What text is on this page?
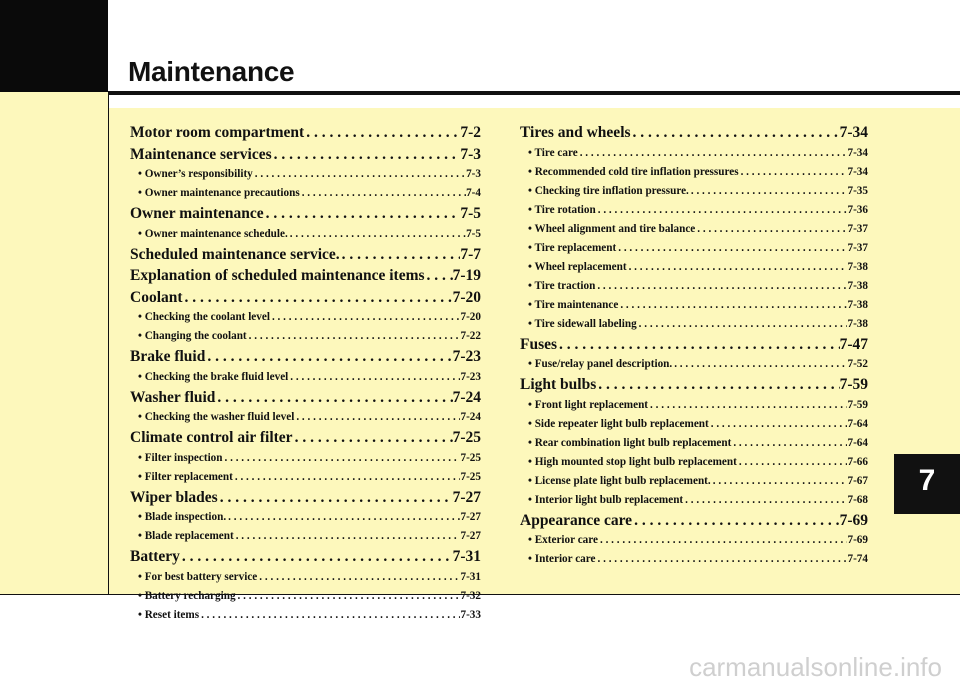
Maintenance
Motor room compartment . . .	7-2
Maintenance services . . .	7-3
• Owner’s responsibility . . .	7-3
• Owner maintenance precautions . . .	7-4
Owner maintenance . . .	7-5
• Owner maintenance schedule. . . .	7-5
Scheduled maintenance service. . . .	7-7
Explanation of scheduled maintenance items . . . 7-19
Coolant . . .	7-20
• Checking the coolant level . . .	7-20
• Changing the coolant . . .	7-22
Brake fluid . . .	7-23
• Checking the brake fluid level . . .	7-23
Washer fluid . . .	7-24
• Checking the washer fluid level . . .	7-24
Climate control air filter . . .	7-25
• Filter inspection . . .	7-25
• Filter replacement . . .	7-25
Wiper blades . . .	7-27
• Blade inspection. . . .	7-27
• Blade replacement . . .	7-27
Battery . . .	7-31
• For best battery service . . .	7-31
• Battery recharging . . .	7-32
• Reset items . . .	7-33
Tires and wheels . . .	7-34
• Tire care . . .	7-34
• Recommended cold tire inflation pressures . . .	7-34
• Checking tire inflation pressure. . . .	7-35
• Tire rotation . . .	7-36
• Wheel alignment and tire balance . . .	7-37
• Tire replacement . . .	7-37
• Wheel replacement . . .	7-38
• Tire traction . . .	7-38
• Tire maintenance . . .	7-38
• Tire sidewall labeling . . .	7-38
Fuses . . .	7-47
• Fuse/relay panel description. . . .	7-52
Light bulbs . . .	7-59
• Front light replacement . . .	7-59
• Side repeater light bulb replacement . . .	7-64
• Rear combination light bulb replacement . . .	7-64
• High mounted stop light bulb replacement . . .	7-66
• License plate light bulb replacement. . . .	7-67
• Interior light bulb replacement . . .	7-68
Appearance care . . .	7-69
• Exterior care . . .	7-69
• Interior care . . .	7-74
7
carmanualsonline.info
